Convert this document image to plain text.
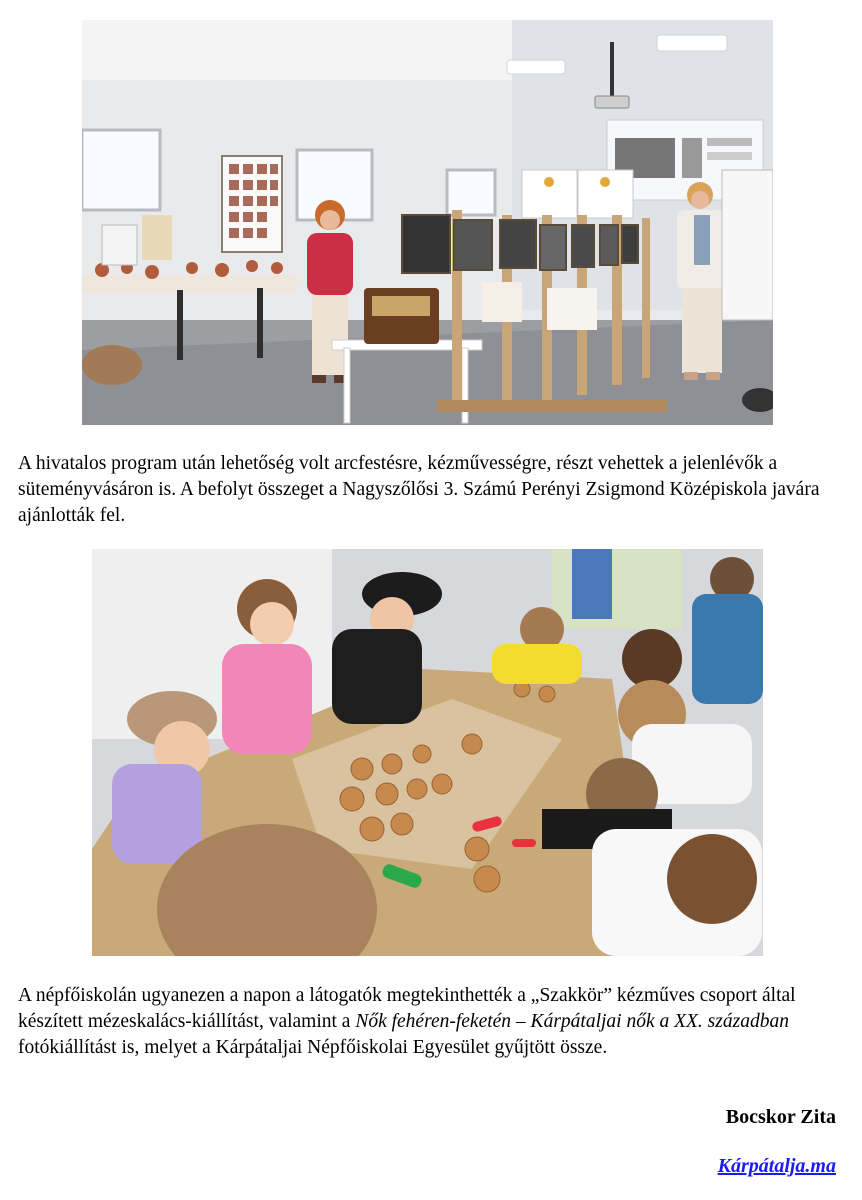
A hivatalos program után lehetőség volt arcfestésre, kézművességre, részt vehettek a jelenlévők a süteményvásáron is. A befolyt összeget a Nagyszőlősi 3. Számú Perényi Zsigmond Középiskola javára ajánlották fel.

A népfőiskolán ugyanezen a napon a látogatók megtekinthették a „Szakkör” kézműves csoport által készített mézeskalács-kiállítást, valamint a Nők fehéren-feketén – Kárpátaljai nők a XX. században fotókiállítást is, melyet a Kárpátaljai Népfőiskolai Egyesület gyűjtött össze.

Bocskor Zita

Kárpátalja.ma
